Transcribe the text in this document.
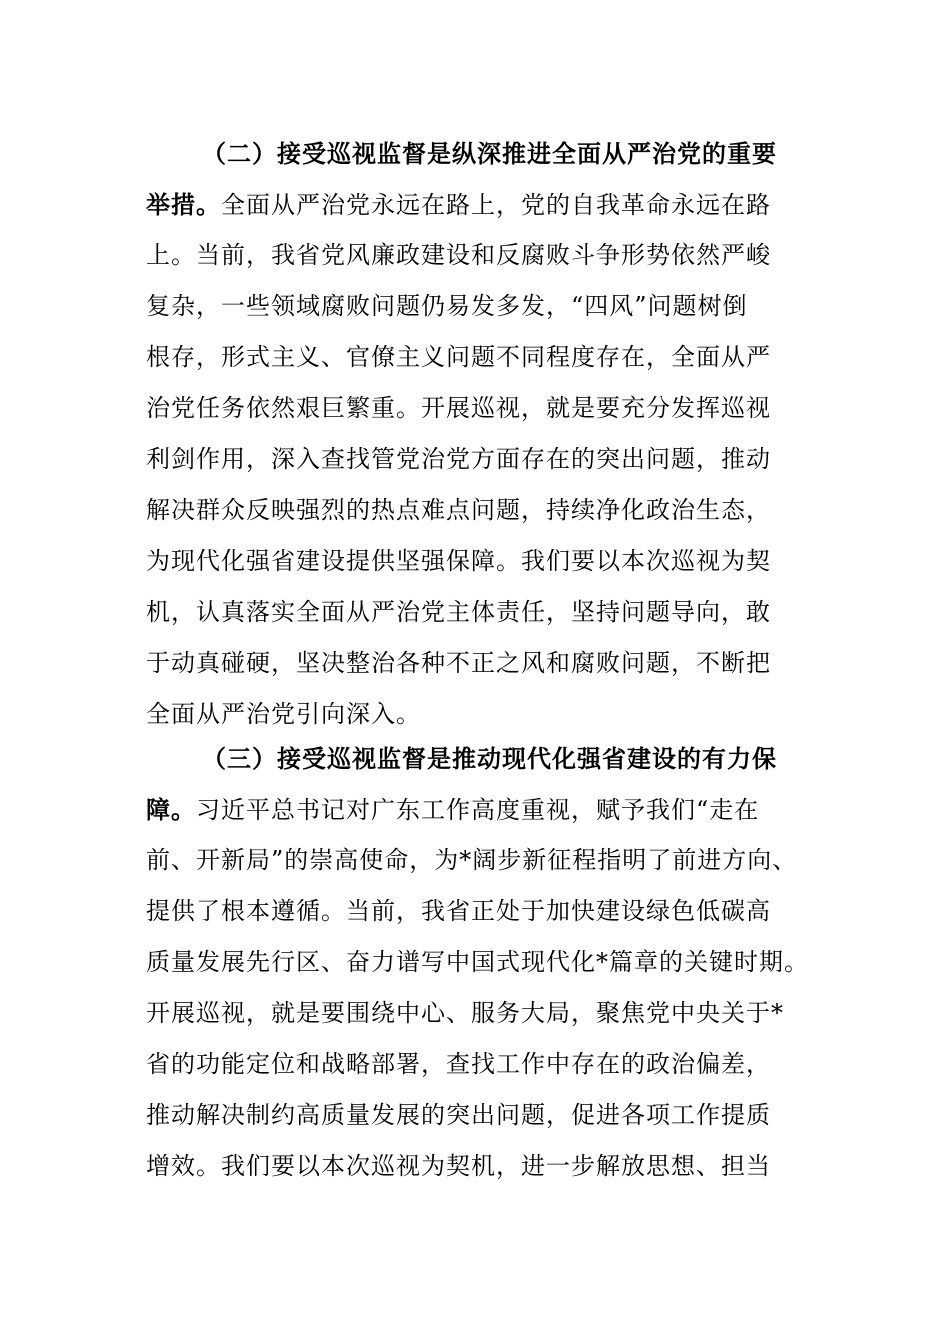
（二）接受巡视监督是纵深推进全面从严治党的重要
举措。全面从严治党永远在路上，党的自我革命永远在路
上。当前，我省党风廉政建设和反腐败斗争形势依然严峻
复杂，一些领域腐败问题仍易发多发，“四风”问题树倒
根存，形式主义、官僚主义问题不同程度存在，全面从严
治党任务依然艰巨繁重。开展巡视，就是要充分发挥巡视
利剑作用，深入查找管党治党方面存在的突出问题，推动
解决群众反映强烈的热点难点问题，持续净化政治生态，
为现代化强省建设提供坚强保障。我们要以本次巡视为契
机，认真落实全面从严治党主体责任，坚持问题导向，敢
于动真碰硬，坚决整治各种不正之风和腐败问题，不断把
全面从严治党引向深入。
（三）接受巡视监督是推动现代化强省建设的有力保
障。习近平总书记对广东工作高度重视，赋予我们“走在
前、开新局”的崇高使命，为*阔步新征程指明了前进方向、
提供了根本遵循。当前，我省正处于加快建设绿色低碳高
质量发展先行区、奋力谱写中国式现代化*篇章的关键时期。
开展巡视，就是要围绕中心、服务大局，聚焦党中央关于*
省的功能定位和战略部署，查找工作中存在的政治偏差，
推动解决制约高质量发展的突出问题，促进各项工作提质
增效。我们要以本次巡视为契机，进一步解放思想、担当
